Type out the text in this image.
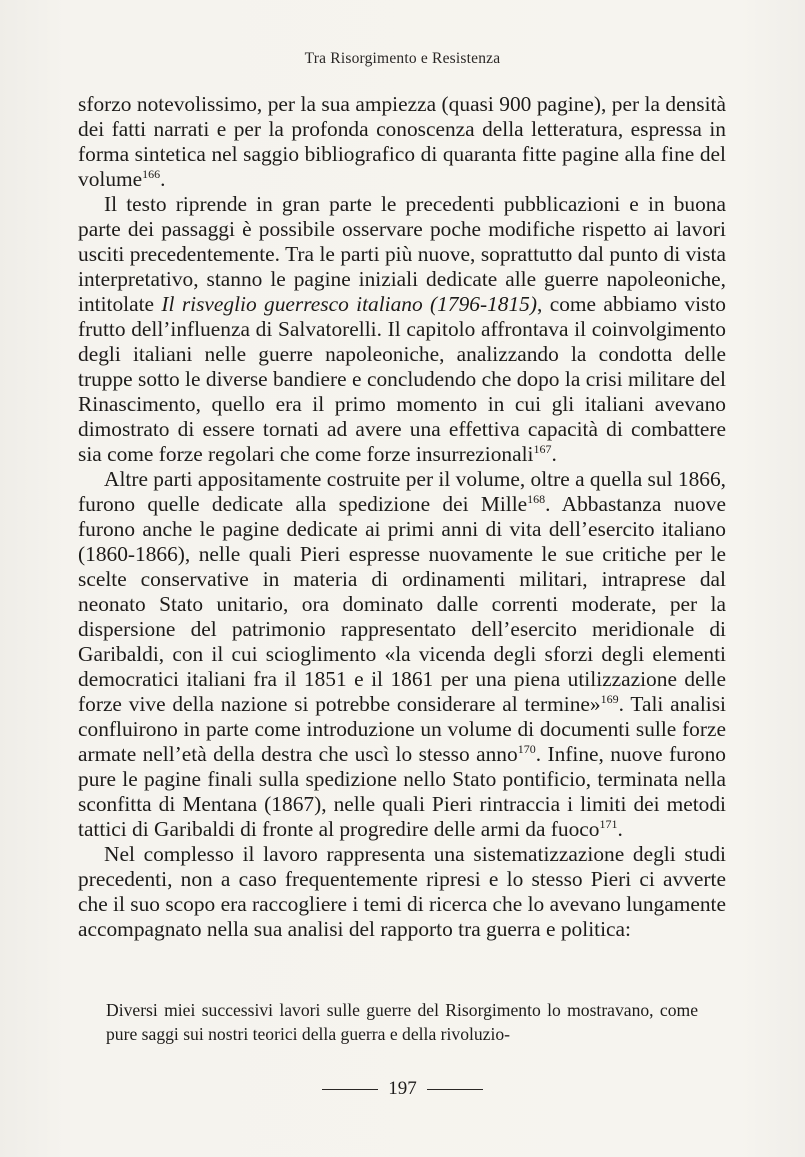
Tra Risorgimento e Resistenza

sforzo notevolissimo, per la sua ampiezza (quasi 900 pagine), per la densità dei fatti narrati e per la profonda conoscenza della letteratura, espressa in forma sintetica nel saggio bibliografico di quaranta fitte pagine alla fine del volume$^{166}$.

Il testo riprende in gran parte le precedenti pubblicazioni e in buona parte dei passaggi è possibile osservare poche modifiche rispetto ai lavori usciti precedentemente. Tra le parti più nuove, soprattutto dal punto di vista interpretativo, stanno le pagine iniziali dedicate alle guerre napoleoniche, intitolate Il risveglio guerresco italiano (1796-1815), come abbiamo visto frutto dell’influenza di Salvatorelli. Il capitolo affrontava il coinvolgimento degli italiani nelle guerre napoleoniche, analizzando la condotta delle truppe sotto le diverse bandiere e concludendo che dopo la crisi militare del Rinascimento, quello era il primo momento in cui gli italiani avevano dimostrato di essere tornati ad avere una effettiva capacità di combattere sia come forze regolari che come forze insurrezionali$^{167}$.

Altre parti appositamente costruite per il volume, oltre a quella sul 1866, furono quelle dedicate alla spedizione dei Mille$^{168}$. Abbastanza nuove furono anche le pagine dedicate ai primi anni di vita dell’esercito italiano (1860-1866), nelle quali Pieri espresse nuovamente le sue critiche per le scelte conservative in materia di ordinamenti militari, intraprese dal neonato Stato unitario, ora dominato dalle correnti moderate, per la dispersione del patrimonio rappresentato dell’esercito meridionale di Garibaldi, con il cui scioglimento «la vicenda degli sforzi degli elementi democratici italiani fra il 1851 e il 1861 per una piena utilizzazione delle forze vive della nazione si potrebbe considerare al termine»$^{169}$. Tali analisi confluirono in parte come introduzione un volume di documenti sulle forze armate nell’età della destra che uscì lo stesso anno$^{170}$. Infine, nuove furono pure le pagine finali sulla spedizione nello Stato pontificio, terminata nella sconfitta di Mentana (1867), nelle quali Pieri rintraccia i limiti dei metodi tattici di Garibaldi di fronte al progredire delle armi da fuoco$^{171}$.

Nel complesso il lavoro rappresenta una sistematizzazione degli studi precedenti, non a caso frequentemente ripresi e lo stesso Pieri ci avverte che il suo scopo era raccogliere i temi di ricerca che lo avevano lungamente accompagnato nella sua analisi del rapporto tra guerra e politica:

Diversi miei successivi lavori sulle guerre del Risorgimento lo mostravano, come pure saggi sui nostri teorici della guerra e della rivoluzio-

197
